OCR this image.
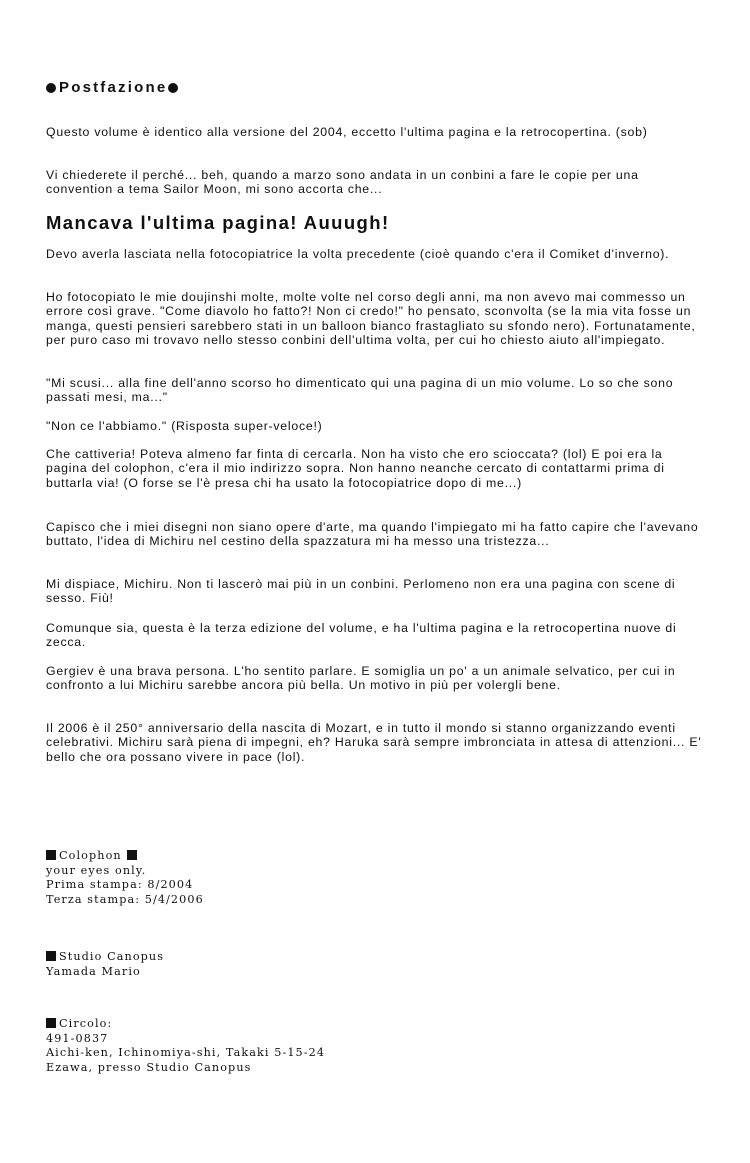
Postfazione

Questo volume è identico alla versione del 2004, eccetto l'ultima pagina e la retrocopertina. (sob)

Vi chiederete il perché... beh, quando a marzo sono andata in un conbini a fare le copie per una convention a tema Sailor Moon, mi sono accorta che...

Mancava l'ultima pagina! Auuugh!

Devo averla lasciata nella fotocopiatrice la volta precedente (cioè quando c'era il Comiket d'inverno).

Ho fotocopiato le mie doujinshi molte, molte volte nel corso degli anni, ma non avevo mai commesso un errore così grave. "Come diavolo ho fatto?! Non ci credo!" ho pensato, sconvolta (se la mia vita fosse un manga, questi pensieri sarebbero stati in un balloon bianco frastagliato su sfondo nero). Fortunatamente, per puro caso mi trovavo nello stesso conbini dell'ultima volta, per cui ho chiesto aiuto all'impiegato.

"Mi scusi... alla fine dell'anno scorso ho dimenticato qui una pagina di un mio volume. Lo so che sono passati mesi, ma..."

"Non ce l'abbiamo." (Risposta super-veloce!)

Che cattiveria! Poteva almeno far finta di cercarla. Non ha visto che ero scioccata? (lol) E poi era la pagina del colophon, c'era il mio indirizzo sopra. Non hanno neanche cercato di contattarmi prima di buttarla via! (O forse se l'è presa chi ha usato la fotocopiatrice dopo di me...)

Capisco che i miei disegni non siano opere d'arte, ma quando l'impiegato mi ha fatto capire che l'avevano buttato, l'idea di Michiru nel cestino della spazzatura mi ha messo una tristezza...

Mi dispiace, Michiru. Non ti lascerò mai più in un conbini. Perlomeno non era una pagina con scene di sesso. Fiù!

Comunque sia, questa è la terza edizione del volume, e ha l'ultima pagina e la retrocopertina nuove di zecca.

Gergiev è una brava persona. L'ho sentito parlare. E somiglia un po' a un animale selvatico, per cui in confronto a lui Michiru sarebbe ancora più bella. Un motivo in più per volergli bene.

Il 2006 è il 250° anniversario della nascita di Mozart, e in tutto il mondo si stanno organizzando eventi celebrativi. Michiru sarà piena di impegni, eh? Haruka sarà sempre imbronciata in attesa di attenzioni... E' bello che ora possano vivere in pace (lol).

Colophon
your eyes only.
Prima stampa: 8/2004
Terza stampa: 5/4/2006
Studio Canopus
Yamada Mario
Circolo:
491-0837
Aichi-ken, Ichinomiya-shi, Takaki 5-15-24
Ezawa, presso Studio Canopus
